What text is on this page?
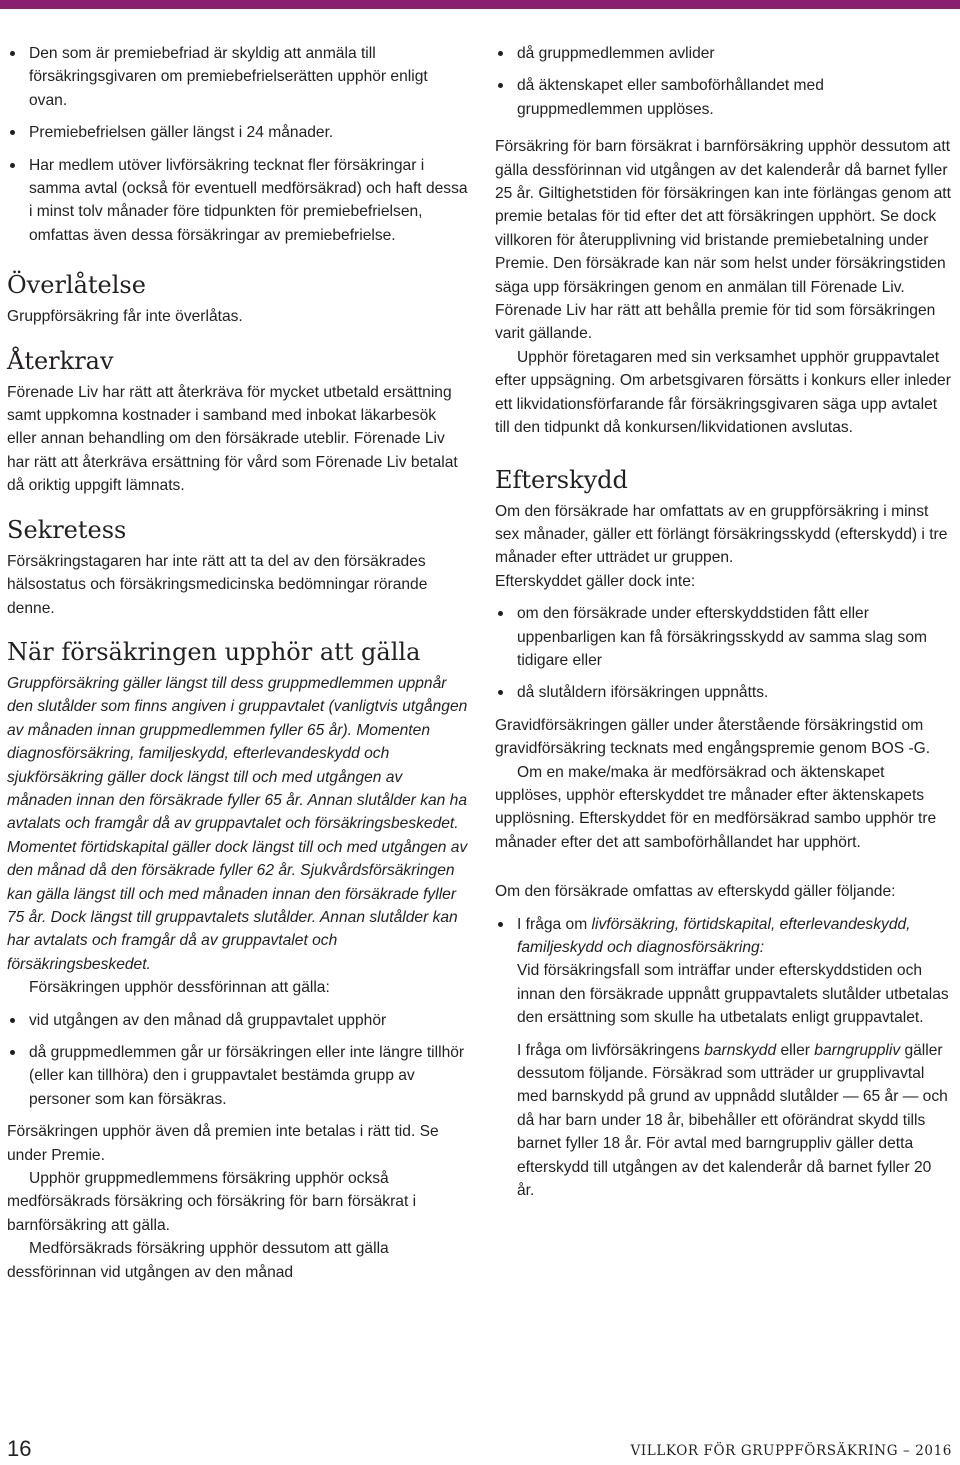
Den som är premiebefriad är skyldig att anmäla till försäkringsgivaren om premiebefrielserätten upphör enligt ovan.
Premiebefrielsen gäller längst i 24 månader.
Har medlem utöver livförsäkring tecknat fler försäkringar i samma avtal (också för eventuell medförsäkrad) och haft dessa i minst tolv månader före tidpunkten för premiebefrielsen, omfattas även dessa försäkringar av premiebefrielse.
Överlåtelse

Gruppförsäkring får inte överlåtas.

Återkrav

Förenade Liv har rätt att återkräva för mycket utbetald ersättning samt uppkomna kostnader i samband med inbokat läkarbesök eller annan behandling om den försäkrade uteblir. Förenade Liv har rätt att återkräva ersättning för vård som Förenade Liv betalat då oriktig uppgift lämnats.

Sekretess

Försäkringstagaren har inte rätt att ta del av den försäkrades hälsostatus och försäkringsmedicinska bedömningar rörande denne.

När försäkringen upphör att gälla

Gruppförsäkring gäller längst till dess gruppmedlemmen uppnår den slutålder som finns angiven i gruppavtalet (vanligtvis utgången av månaden innan gruppmedlemmen fyller 65 år). Momenten diagnosförsäkring, familjeskydd, efterlevandeskydd och sjukförsäkring gäller dock längst till och med utgången av månaden innan den försäkrade fyller 65 år. Annan slutålder kan ha avtalats och framgår då av gruppavtalet och försäkringsbeskedet. Momentet förtidskapital gäller dock längst till och med utgången av den månad då den försäkrade fyller 62 år. Sjukvårdsförsäkringen kan gälla längst till och med månaden innan den försäkrade fyller 75 år. Dock längst till gruppavtalets slutålder. Annan slutålder kan har avtalats och framgår då av gruppavtalet och försäkringsbeskedet.

Försäkringen upphör dessförinnan att gälla:

vid utgången av den månad då gruppavtalet upphör
då gruppmedlemmen går ur försäkringen eller inte längre tillhör (eller kan tillhöra) den i gruppavtalet bestämda grupp av personer som kan försäkras.

Försäkringen upphör även då premien inte betalas i rätt tid. Se under Premie.

Upphör gruppmedlemmens försäkring upphör också medförsäkrads försäkring och försäkring för barn försäkrat i barnförsäkring att gälla.

Medförsäkrads försäkring upphör dessutom att gälla dessförinnan vid utgången av den månad

då gruppmedlemmen avlider
då äktenskapet eller samboförhållandet med gruppmedlemmen upplöses.

Försäkring för barn försäkrat i barnförsäkring upphör dessutom att gälla dessförinnan vid utgången av det kalenderår då barnet fyller 25 år. Giltighetstiden för försäkringen kan inte förlängas genom att premie betalas för tid efter det att försäkringen upphört. Se dock villkoren för återupplivning vid bristande premiebetalning under Premie. Den försäkrade kan när som helst under försäkringstiden säga upp försäkringen genom en anmälan till Förenade Liv. Förenade Liv har rätt att behålla premie för tid som försäkringen varit gällande.

Upphör företagaren med sin verksamhet upphör gruppavtalet efter uppsägning. Om arbetsgivaren försätts i konkurs eller inleder ett likvidationsförfarande får försäkringsgivaren säga upp avtalet till den tidpunkt då konkursen/likvidationen avslutas.

Efterskydd

Om den försäkrade har omfattats av en gruppförsäkring i minst sex månader, gäller ett förlängt försäkringsskydd (efterskydd) i tre månader efter utträdet ur gruppen.

Efterskyddet gäller dock inte:

om den försäkrade under efterskyddstiden fått eller uppenbarligen kan få försäkringsskydd av samma slag som tidigare eller
då slutåldern iförsäkringen uppnåtts.

Gravidförsäkringen gäller under återstående försäkringstid om gravidförsäkring tecknats med engångspremie genom BOS -G.

Om en make/maka är medförsäkrad och äktenskapet upplöses, upphör efterskyddet tre månader efter äktenskapets upplösning. Efterskyddet för en medförsäkrad sambo upphör tre månader efter det att samboförhållandet har upphört.

Om den försäkrade omfattas av efterskydd gäller följande:

I fråga om livförsäkring, förtidskapital, efterlevandeskydd, familjeskydd och diagnosförsäkring:
Vid försäkringsfall som inträffar under efterskyddstiden och innan den försäkrade uppnått gruppavtalets slutålder utbetalas den ersättning som skulle ha utbetalats enligt gruppavtalet.
I fråga om livförsäkringens barnskydd eller barngruppliv gäller dessutom följande. Försäkrad som utträder ur grupplivavtal med barnskydd på grund av uppnådd slutålder — 65 år — och då har barn under 18 år, bibehåller ett oförändrat skydd tills barnet fyller 18 år. För avtal med barngruppliv gäller detta efterskydd till utgången av det kalenderår då barnet fyller 20 år.
16	VILLKOR FÖR GRUPPFÖRSÄKRING – 2016
